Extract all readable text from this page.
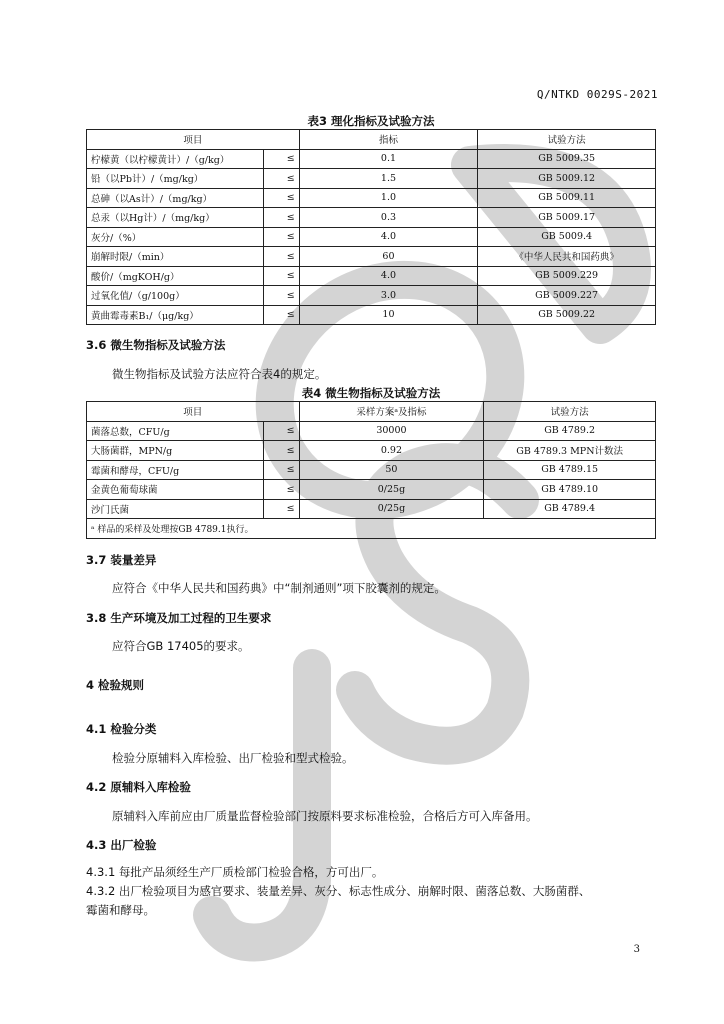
Q/NTKD 0029S-2021
表3 理化指标及试验方法
项目		指标	试验方法
柠檬黄（以柠檬黄计）/（g/kg）	≤	0.1	GB 5009.35
铅（以Pb计）/（mg/kg）	≤	1.5	GB 5009.12
总砷（以As计）/（mg/kg）	≤	1.0	GB 5009.11
总汞（以Hg计）/（mg/kg）	≤	0.3	GB 5009.17
灰分/（%）	≤	4.0	GB 5009.4
崩解时限/（min）	≤	60	《中华人民共和国药典》
酸价/（mgKOH/g）	≤	4.0	GB 5009.229
过氧化值/（g/100g）	≤	3.0	GB 5009.227
黄曲霉毒素B₁/（μg/kg）	≤	10	GB 5009.22
3.6 微生物指标及试验方法
微生物指标及试验方法应符合表4的规定。
表4 微生物指标及试验方法
项目		采样方案ᵃ及指标	试验方法
菌落总数，CFU/g	≤	30000	GB 4789.2
大肠菌群，MPN/g	≤	0.92	GB 4789.3 MPN计数法
霉菌和酵母，CFU/g	≤	50	GB 4789.15
金黄色葡萄球菌	≤	0/25g	GB 4789.10
沙门氏菌	≤	0/25g	GB 4789.4
ᵃ 样品的采样及处理按GB 4789.1执行。			
3.7 装量差异
应符合《中华人民共和国药典》中“制剂通则”项下胶囊剂的规定。
3.8 生产环境及加工过程的卫生要求
应符合GB 17405的要求。
4 检验规则
4.1 检验分类
检验分原辅料入库检验、出厂检验和型式检验。
4.2 原辅料入库检验
原辅料入库前应由厂质量监督检验部门按原料要求标准检验，合格后方可入库备用。
4.3 出厂检验
4.3.1 每批产品须经生产厂质检部门检验合格，方可出厂。
4.3.2 出厂检验项目为感官要求、装量差异、灰分、标志性成分、崩解时限、菌落总数、大肠菌群、
霉菌和酵母。
3
